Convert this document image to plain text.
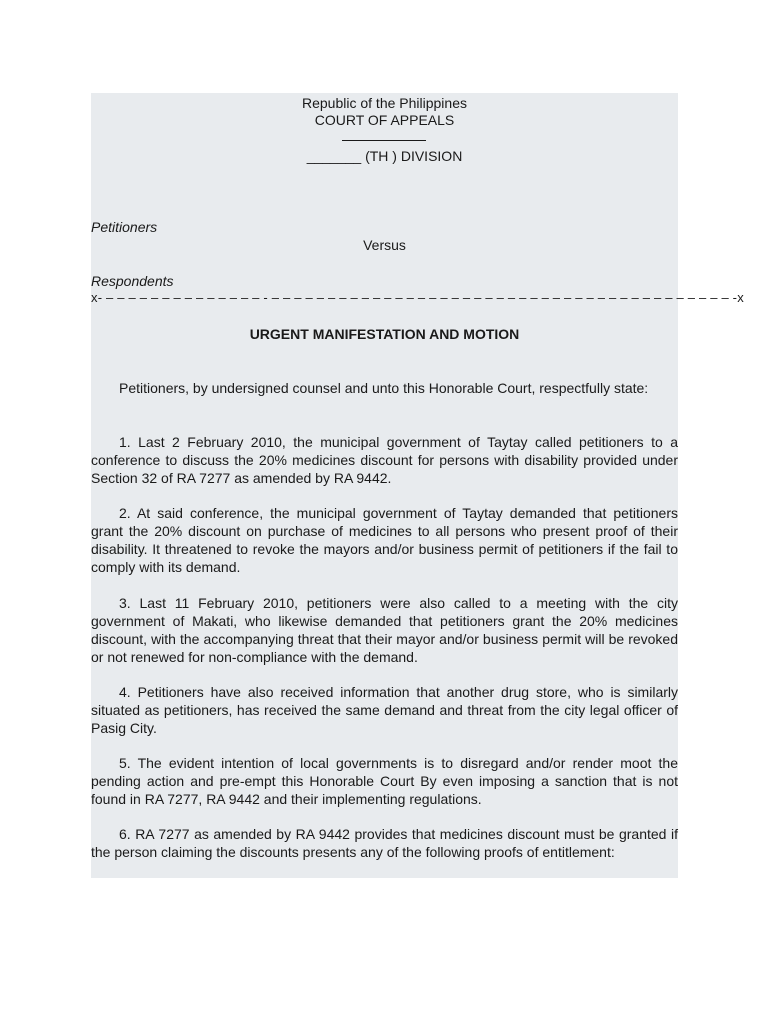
Republic of the Philippines
COURT OF APPEALS
_______ (TH ) DIVISION
Petitioners
Versus
Respondents
x- – – – – – – – – – – – – – – - – – – – – – – – – – – – – – – – – – – – – – – – – – – – – – – – – – – – – – – – – -x
URGENT MANIFESTATION AND MOTION

Petitioners, by undersigned counsel and unto this Honorable Court, respectfully state:

1. Last 2 February 2010, the municipal government of Taytay called petitioners to a conference to discuss the 20% medicines discount for persons with disability provided under Section 32 of RA 7277 as amended by RA 9442.

2. At said conference, the municipal government of Taytay demanded that petitioners grant the 20% discount on purchase of medicines to all persons who present proof of their disability. It threatened to revoke the mayors and/or business permit of petitioners if the fail to comply with its demand.

3. Last 11 February 2010, petitioners were also called to a meeting with the city government of Makati, who likewise demanded that petitioners grant the 20% medicines discount, with the accompanying threat that their mayor and/or business permit will be revoked or not renewed for non-compliance with the demand.

4. Petitioners have also received information that another drug store, who is similarly situated as petitioners, has received the same demand and threat from the city legal officer of Pasig City.

5. The evident intention of local governments is to disregard and/or render moot the pending action and pre-empt this Honorable Court By even imposing a sanction that is not found in RA 7277, RA 9442 and their implementing regulations.

6. RA 7277 as amended by RA 9442 provides that medicines discount must be granted if the person claiming the discounts presents any of the following proofs of entitlement:
